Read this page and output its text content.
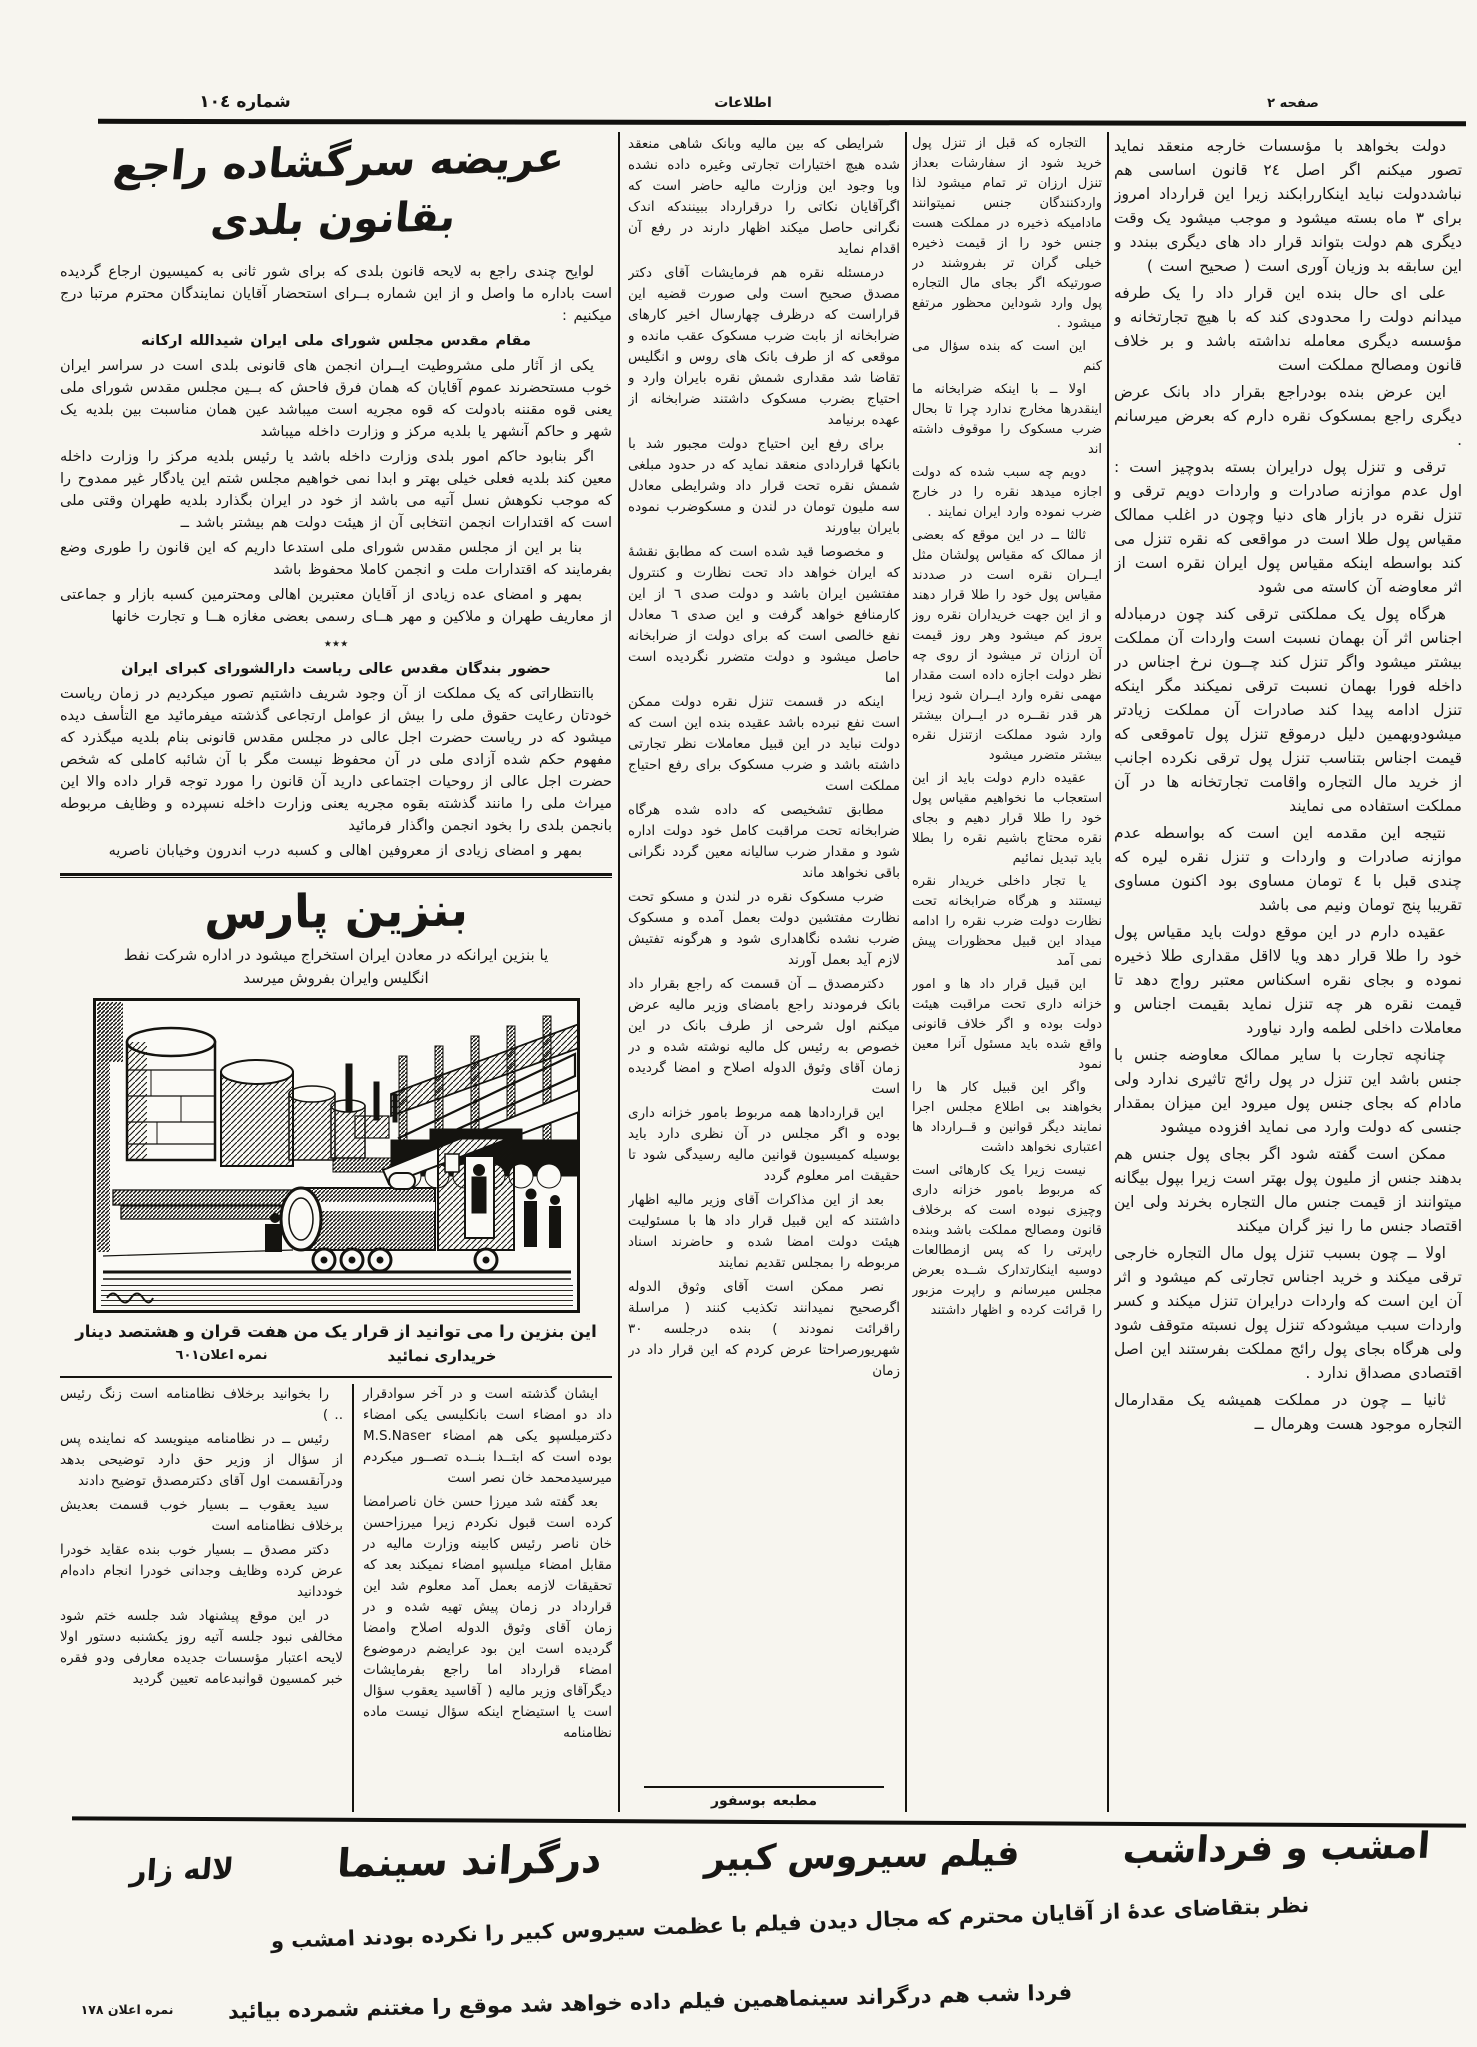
شماره ١٠٤	اطلاعات	صفحه ٢

دولت بخواهد با مؤسسات خارجه منعقد نماید تصور میکنم اگر اصل ٢٤ قانون اساسی هم نباشددولت نباید اینکاررابکند زیرا این قرارداد امروز برای ٣ ماه بسته میشود و موجب میشود یک وقت دیگری هم دولت بتواند قرار داد های دیگری ببندد و این سابقه بد وزیان آوری است ( صحیح است )

علی ای حال بنده این قرار داد را یک طرفه میدانم دولت را محدودی کند که با هیچ تجارتخانه و مؤسسه دیگری معامله نداشته باشد و بر خلاف قانون ومصالح مملکت است

این عرض بنده بودراجع بقرار داد بانک عرض دیگری راجع بمسکوک نقره دارم که بعرض میرسانم .

ترقی و تنزل پول درایران بسته بدوچیز است : اول عدم موازنه صادرات و واردات دویم ترقی و تنزل نقره در بازار های دنیا وچون در اغلب ممالک مقیاس پول طلا است در مواقعی که نقره تنزل می کند بواسطه اینکه مقیاس پول ایران نقره است از اثر معاوضه آن کاسته می شود

هرگاه پول یک مملکتی ترقی کند چون درمبادله اجناس اثر آن بهمان نسبت است واردات آن مملکت بیشتر میشود واگر تنزل کند چــون نرخ اجناس در داخله فورا بهمان نسبت ترقی نمیکند مگر اینکه تنزل ادامه پیدا کند صادرات آن مملکت زیادتر میشودوبهمین دلیل درموقع تنزل پول تاموقعی که قیمت اجناس بتناسب تنزل پول ترقی نکرده اجانب از خرید مال التجاره واقامت تجارتخانه ها در آن مملکت استفاده می نمایند

نتیجه این مقدمه این است که بواسطه عدم موازنه صادرات و واردات و تنزل نقره لیره که چندی قبل با ٤ تومان مساوی بود اکنون مساوی تقریبا پنج تومان ونیم می باشد

عقیده دارم در این موقع دولت باید مقیاس پول خود را طلا قرار دهد ویا لااقل مقداری طلا ذخیره نموده و بجای نقره اسکناس معتبر رواج دهد تا قیمت نقره هر چه تنزل نماید بقیمت اجناس و معاملات داخلی لطمه وارد نیاورد

چنانچه تجارت با سایر ممالک معاوضه جنس با جنس باشد این تنزل در پول رائج تاثیری ندارد ولی مادام که بجای جنس پول میرود این میزان بمقدار جنسی که دولت وارد می نماید افزوده میشود

ممکن است گفته شود اگر بجای پول جنس هم بدهند جنس از ملیون پول بهتر است زیرا بپول بیگانه میتوانند از قیمت جنس مال التجاره بخرند ولی این اقتصاد جنس ما را نیز گران میکند

اولا ــ چون بسبب تنزل پول مال التجاره خارجی ترقی میکند و خرید اجناس تجارتی کم میشود و اثر آن این است که واردات درایران تنزل میکند و کسر واردات سبب میشودکه تنزل پول نسبته متوقف شود ولی هرگاه بجای پول رائج مملکت بفرستند این اصل اقتصادی مصداق ندارد .

ثانیا ــ چون در مملکت همیشه یک مقدارمال التجاره موجود هست وهرمال ــ

التجاره که قبل از تنزل پول خرید شود از سفارشات بعداز تنزل ارزان تر تمام میشود لذا واردکنندگان جنس نمیتوانند مادامیکه ذخیره در مملکت هست جنس خود را از قیمت ذخیره خیلی گران تر بفروشند در صورتیکه اگر بجای مال التجاره پول وارد شوداین محظور مرتفع میشود .

این است که بنده سؤال می کنم

اولا ــ با اینکه ضرابخانه ما اینقدرها مخارج ندارد چرا تا بحال ضرب مسکوک را موقوف داشته اند

دویم چه سبب شده که دولت اجازه میدهد نقره را در خارج ضرب نموده وارد ایران نمایند .

ثالثا ــ در این موقع که بعضی از ممالک که مقیاس پولشان مثل ایــران نقره است در صددند مقیاس پول خود را طلا قرار دهند و از این جهت خریداران نقره روز بروز کم میشود وهر روز قیمت آن ارزان تر میشود از روی چه نظر دولت اجازه داده است مقدار مهمی نقره وارد ایــران شود زیرا هر قدر نقــره در ایــران بیشتر وارد شود مملکت ازتنزل نقره بیشتر متضرر میشود

عقیده دارم دولت باید از این استعجاب ما نخواهیم مقیاس پول خود را طلا قرار دهیم و بجای نقره محتاج باشیم نقره را بطلا باید تبدیل نمائیم

یا تجار داخلی خریدار نقره نیستند و هرگاه ضرابخانه تحت نظارت دولت ضرب نقره را ادامه میداد این قبیل محظورات پیش نمی آمد

این قبیل قرار داد ها و امور خزانه داری تحت مراقبت هیئت دولت بوده و اگر خلاف قانونی واقع شده باید مسئول آنرا معین نمود

واگر این قبیل کار ها را بخواهند بی اطلاع مجلس اجرا نمایند دیگر قوانین و قــرارداد ها اعتباری نخواهد داشت

نیست زیرا یک کارهائی است که مربوط بامور خزانه داری وچیزی نبوده است که برخلاف قانون ومصالح مملکت باشد وبنده راپرتی را که پس ازمطالعات دوسیه اینکارتدارک شــده بعرض مجلس میرسانم و راپرت مزبور را قرائت کرده و اظهار داشتند

شرایطی که بین مالیه وبانک شاهی منعقد شده هیچ اختیارات تجارتی وغیره داده نشده وبا وجود این وزارت مالیه حاضر است که اگرآقایان نکاتی را درقرارداد ببینندکه اندک نگرانی حاصل میکند اظهار دارند در رفع آن اقدام نماید

درمسئله نقره هم فرمایشات آقای دکتر مصدق صحیح است ولی صورت قضیه این قراراست که درظرف چهارسال اخیر کارهای ضرابخانه از بابت ضرب مسکوک عقب مانده و موقعی که از طرف بانک های روس و انگلیس تقاضا شد مقداری شمش نقره بایران وارد و احتیاج بضرب مسکوک داشتند ضرابخانه از عهده برنیامد

برای رفع این احتیاج دولت مجبور شد با بانکها قراردادی منعقد نماید که در حدود مبلغی شمش نقره تحت قرار داد وشرایطی معادل سه ملیون تومان در لندن و مسکوضرب نموده بایران بیاورند

و مخصوصا قید شده است که مطابق نقشهٔ که ایران خواهد داد تحت نظارت و کنترول مفتشین ایران باشد و دولت صدی ٦ از این کارمنافع خواهد گرفت و این صدی ٦ معادل نفع خالصی است که برای دولت از ضرابخانه حاصل میشود و دولت متضرر نگردیده است اما

اینکه در قسمت تنزل نقره دولت ممکن است نفع نبرده باشد عقیده بنده این است که دولت نباید در این قبیل معاملات نظر تجارتی داشته باشد و ضرب مسکوک برای رفع احتیاج مملکت است

مطابق تشخیصی که داده شده هرگاه ضرابخانه تحت مراقبت کامل خود دولت اداره شود و مقدار ضرب سالیانه معین گردد نگرانی باقی نخواهد ماند

ضرب مسکوک نقره در لندن و مسکو تحت نظارت مفتشین دولت بعمل آمده و مسکوک ضرب نشده نگاهداری شود و هرگونه تفتیش لازم آید بعمل آورند

دکترمصدق ــ آن قسمت که راجع بقرار داد بانک فرمودند راجع بامضای وزیر مالیه عرض میکنم اول شرحی از طرف بانک در این خصوص به رئیس کل مالیه نوشته شده و در زمان آقای وثوق الدوله اصلاح و امضا گردیده است

این قراردادها همه مربوط بامور خزانه داری بوده و اگر مجلس در آن نظری دارد باید بوسیله کمیسیون قوانین مالیه رسیدگی شود تا حقیقت امر معلوم گردد

بعد از این مذاکرات آقای وزیر مالیه اظهار داشتند که این قبیل قرار داد ها با مسئولیت هیئت دولت امضا شده و حاضرند اسناد مربوطه را بمجلس تقدیم نمایند

نصر ممکن است آقای وثوق الدوله اگرصحیح نمیدانند تکذیب کنند ( مراسلة راقرائت نمودند ) بنده درجلسه ٣٠ شهریورصراحتا عرض کردم که این قرار داد در زمان

مطبعه بوسفور
عریضه سرگشاده راجع بقانون بلدی

لوایح چندی راجع به لایحه قانون بلدی که برای شور ثانی به کمیسیون ارجاع گردیده است باداره ما واصل و از این شماره بــرای استحضار آقایان نمایندگان محترم مرتبا درج میکنیم :

مقام مقدس مجلس شورای ملی ایران شیدالله ارکانه

یکی از آثار ملی مشروطیت ایــران انجمن های قانونی بلدی است در سراسر ایران خوب مستحضرند عموم آقایان که همان فرق فاحش که بــین مجلس مقدس شورای ملی یعنی قوه مقننه بادولت که قوه مجریه است میباشد عین همان مناسبت بین بلدیه یک شهر و حاکم آنشهر یا بلدیه مرکز و وزارت داخله میباشد

اگر بنابود حاکم امور بلدی وزارت داخله باشد یا رئیس بلدیه مرکز را وزارت داخله معین کند بلدیه فعلی خیلی بهتر و ابدا نمی خواهیم مجلس شتم این یادگار غیر ممدوح را که موجب نکوهش نسل آتیه می باشد از خود در ایران بگذارد بلدیه طهران وقتی ملی است که اقتدارات انجمن انتخابی آن از هیئت دولت هم بیشتر باشد ــ

بنا بر این از مجلس مقدس شورای ملی استدعا داریم که این قانون را طوری وضع بفرمایند که اقتدارات ملت و انجمن کاملا محفوظ باشد

بمهر و امضای عده زیادی از آقایان معتبرین اهالی ومحترمین کسبه بازار و جماعتی از معاریف طهران و ملاکین و مهر هــای رسمی بعضی مغازه هــا و تجارت خانها

٭٭٭

حضور بندگان مقدس عالی ریاست دارالشورای کبرای ایران

باانتظاراتی که یک مملکت از آن وجود شریف داشتیم تصور میکردیم در زمان ریاست خودتان رعایت حقوق ملی را بیش از عوامل ارتجاعی گذشته میفرمائید مع التأسف دیده میشود که در ریاست حضرت اجل عالی در مجلس مقدس قانونی بنام بلدیه میگذرد که مفهوم حکم شده آزادی ملی در آن محفوظ نیست مگر با آن شائبه کاملی که شخص حضرت اجل عالی از روحیات اجتماعی دارید آن قانون را مورد توجه قرار داده والا این میراث ملی را مانند گذشته بقوه مجریه یعنی وزارت داخله نسپرده و وظایف مربوطه بانجمن بلدی را بخود انجمن واگذار فرمائید

بمهر و امضای زیادی از معروفین اهالی و کسبه درب اندرون وخیابان ناصریه

بنزین پارس
یا بنزین ایرانکه در معادن ایران استخراج میشود در اداره شرکت نفط
انگلیس وایران بفروش میرسد
این بنزین را می توانید از قرار یک من هفت قران و هشتصد دینار
خریداری نمائید
نمره اعلان٦٠١

ایشان گذشته است و در آخر سوادقرار داد دو امضاء است بانکلیسی یکی امضاء دکترمیلسپو یکی هم امضاء M.S.Naser بوده است که ابتــدا بنــده تصــور میکردم میرسیدمحمد خان نصر است

بعد گفته شد میرزا حسن خان ناصرامضا کرده است قبول نکردم زیرا میرزاحسن خان ناصر رئیس کابینه وزارت مالیه در مقابل امضاء میلسپو امضاء نمیکند بعد که تحقیقات لازمه بعمل آمد معلوم شد این قرارداد در زمان پیش تهیه شده و در زمان آقای وثوق الدوله اصلاح وامضا گردیده است این بود عرایضم درموضوع امضاء قرارداد اما راجع بفرمایشات دیگرآقای وزیر مالیه ( آقاسید یعقوب سؤال است یا استیضاح اینکه سؤال نیست ماده نظامنامه

را بخوانید برخلاف نظامنامه است زنگ رئیس .. )

رئیس ــ در نظامنامه مینویسد که نماینده پس از سؤال از وزیر حق دارد توضیحی بدهد ودرآنقسمت اول آقای دکترمصدق توضیح دادند

سید یعقوب ــ بسیار خوب قسمت بعدیش برخلاف نظامنامه است

دکتر مصدق ــ بسیار خوب بنده عقاید خودرا عرض کرده وظایف وجدانی خودرا انجام داده‌ام خوددانید

در این موقع پیشنهاد شد جلسه ختم شود مخالفی نبود جلسه آتیه روز یکشنبه دستور اولا لایحه اعتبار مؤسسات جدیده معارفی ودو فقره خبر کمسیون قوانبدعامه تعیین گردید

امشب و فرداشب
فیلم سیروس کبیر
درگراند سینما
لاله زار
نظر بتقاضای عدهٔ از آقایان محترم که مجال دیدن فیلم با عظمت سیروس کبیر را نکرده بودند امشب و
فردا شب هم درگراند سینماهمین فیلم داده خواهد شد موقع را مغتنم شمرده بیائید
نمره اعلان ١٧٨
